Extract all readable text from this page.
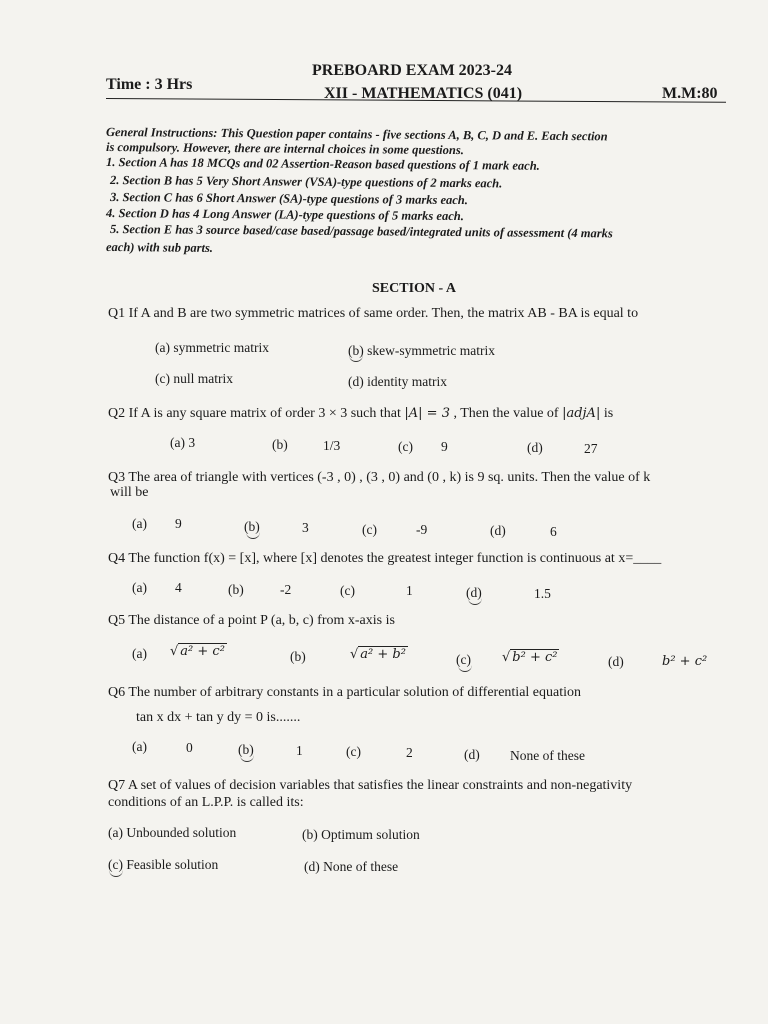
PREBOARD EXAM 2023-24
Time : 3 Hrs
XII - MATHEMATICS (041)	M.M:80
General Instructions: This Question paper contains - five sections A, B, C, D and E. Each section
is compulsory. However, there are internal choices in some questions.
1. Section A has 18 MCQs and 02 Assertion-Reason based questions of 1 mark each.
2. Section B has 5 Very Short Answer (VSA)-type questions of 2 marks each.
3. Section C has 6 Short Answer (SA)-type questions of 3 marks each.
4. Section D has 4 Long Answer (LA)-type questions of 5 marks each.
5. Section E has 3 source based/case based/passage based/integrated units of assessment (4 marks
each) with sub parts.
SECTION - A
Q1 If A and B are two symmetric matrices of same order. Then, the matrix AB - BA is equal to
(a) symmetric matrix	(b) skew-symmetric matrix
(c) null matrix	(d) identity matrix
Q2 If A is any square matrix of order 3 × 3 such that |A| = 3 , Then the value of |adjA| is
(a) 3	(b)	1/3	(c) 9	(d)	27
Q3 The area of triangle with vertices (-3 , 0) , (3 , 0) and (0 , k) is 9 sq. units. Then the value of k
will be
(a) 9	(b)	3	(c)	-9	(d)	6
Q4 The function f(x) = [x], where [x] denotes the greatest integer function is continuous at x=____
(a) 4	(b)	-2	(c)	1	(d)	1.5
Q5 The distance of a point P (a, b, c) from x-axis is
(a) √ a² + c²	(b)	√ a² + b²	(c) √ b² + c²	(d)	b² + c²
Q6 The number of arbitrary constants in a particular solution of differential equation
tan x dx + tan y dy = 0 is.......
(a)	0	(b)	1	(c)	2	(d) None of these
Q7 A set of values of decision variables that satisfies the linear constraints and non-negativity
conditions of an L.P.P. is called its:
(a) Unbounded solution	(b) Optimum solution
(c) Feasible solution	(d) None of these
